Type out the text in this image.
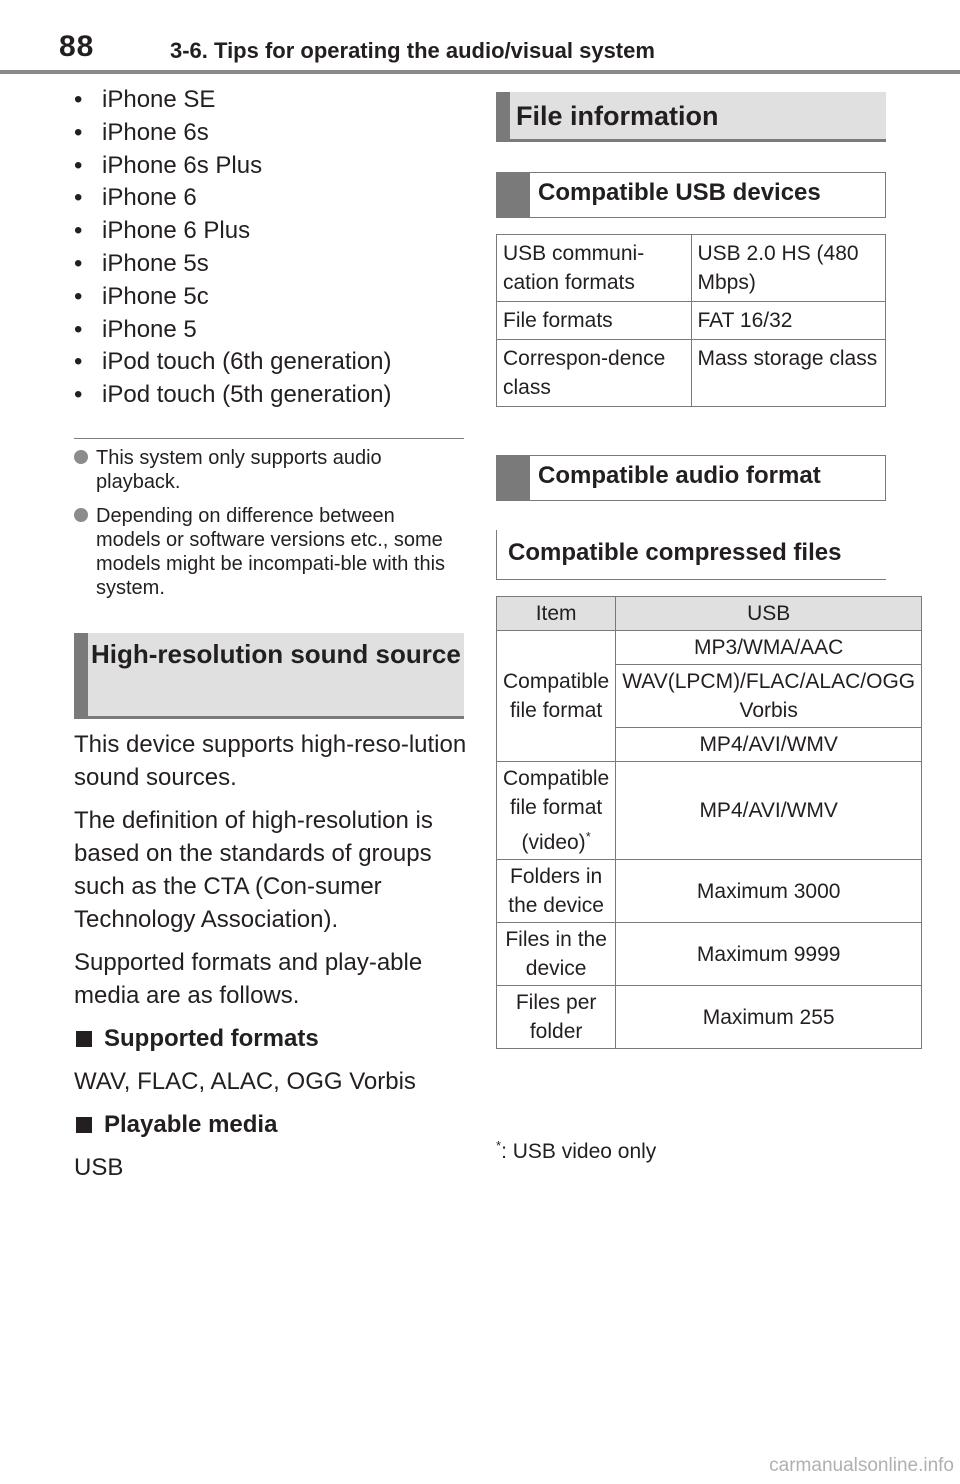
88	3-6. Tips for operating the audio/visual system
• iPhone SE
• iPhone 6s
• iPhone 6s Plus
• iPhone 6
• iPhone 6 Plus
• iPhone 5s
• iPhone 5c
• iPhone 5
• iPod touch (6th generation)
• iPod touch (5th generation)
This system only supports audio playback.
Depending on difference between models or software versions etc., some models might be incompati-ble with this system.
High-resolution sound source

This device supports high-reso-lution sound sources.

The definition of high-resolution is based on the standards of groups such as the CTA (Con-sumer Technology Association).

Supported formats and play-able media are as follows.

Supported formats

WAV, FLAC, ALAC, OGG Vorbis

Playable media

USB

File information
Compatible USB devices
USB communi-cation formats	USB 2.0 HS (480 Mbps)
File formats	FAT 16/32
Correspon-dence class	Mass storage class
Compatible audio format
Compatible compressed files
Item	USB
Compatible file format	MP3/WMA/AAC
	WAV(LPCM)/FLAC/ALAC/OGG Vorbis
	MP4/AVI/WMV
Compatible file format (video)*	MP4/AVI/WMV
Folders in the device	Maximum 3000
Files in the device	Maximum 9999
Files per folder	Maximum 255
*: USB video only
carmanualsonline.info
